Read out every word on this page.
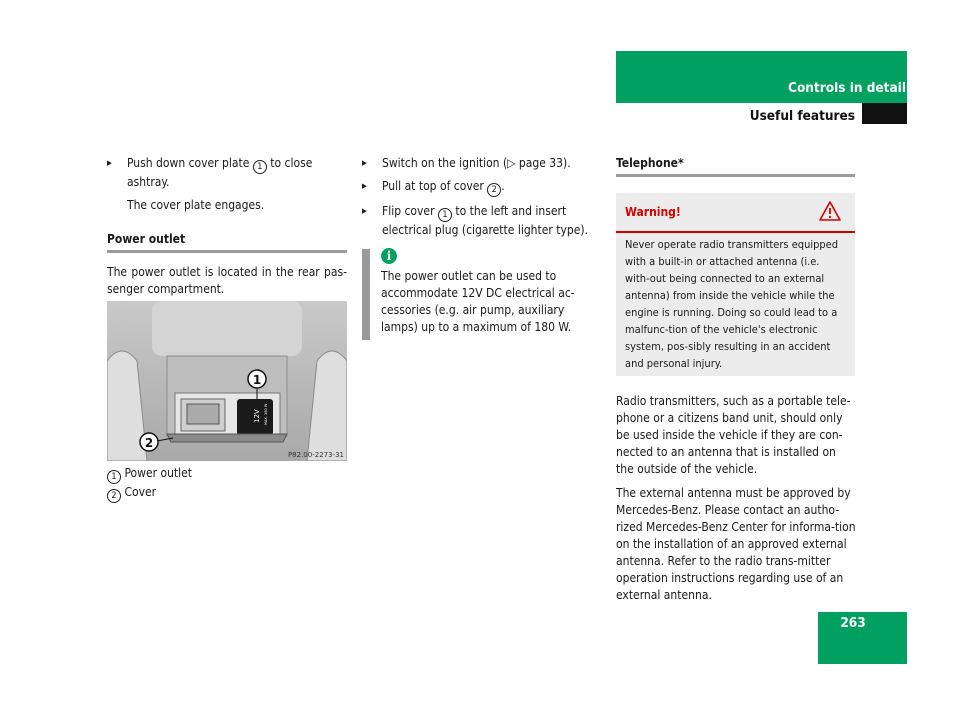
Controls in detail
Useful features

▶ Push down cover plate 1 to close ashtray.

The cover plate engages.

Power outlet

The power outlet is located in the rear pas-senger compartment.

12V MAX. 180 W
1
2
P82.00-2273-31

1 Power outlet

2 Cover

▶ Switch on the ignition (▷ page 33).

▶ Pull at top of cover 2 .

▶ Flip cover 1 to the left and insert electrical plug (cigarette lighter type).

i

The power outlet can be used to accommodate 12V DC electrical ac-cessories (e.g. air pump, auxiliary lamps) up to a maximum of 180 W.

Telephone*
Warning!

Never operate radio transmitters equipped with a built-in or attached antenna (i.e. with-out being connected to an external antenna) from inside the vehicle while the engine is running. Doing so could lead to a malfunc-tion of the vehicle's electronic system, pos-sibly resulting in an accident and personal injury.

Radio transmitters, such as a portable tele-phone or a citizens band unit, should only be used inside the vehicle if they are con-nected to an antenna that is installed on the outside of the vehicle.

The external antenna must be approved by Mercedes-Benz. Please contact an autho-rized Mercedes-Benz Center for informa-tion on the installation of an approved external antenna. Refer to the radio trans-mitter operation instructions regarding use of an external antenna.

263
